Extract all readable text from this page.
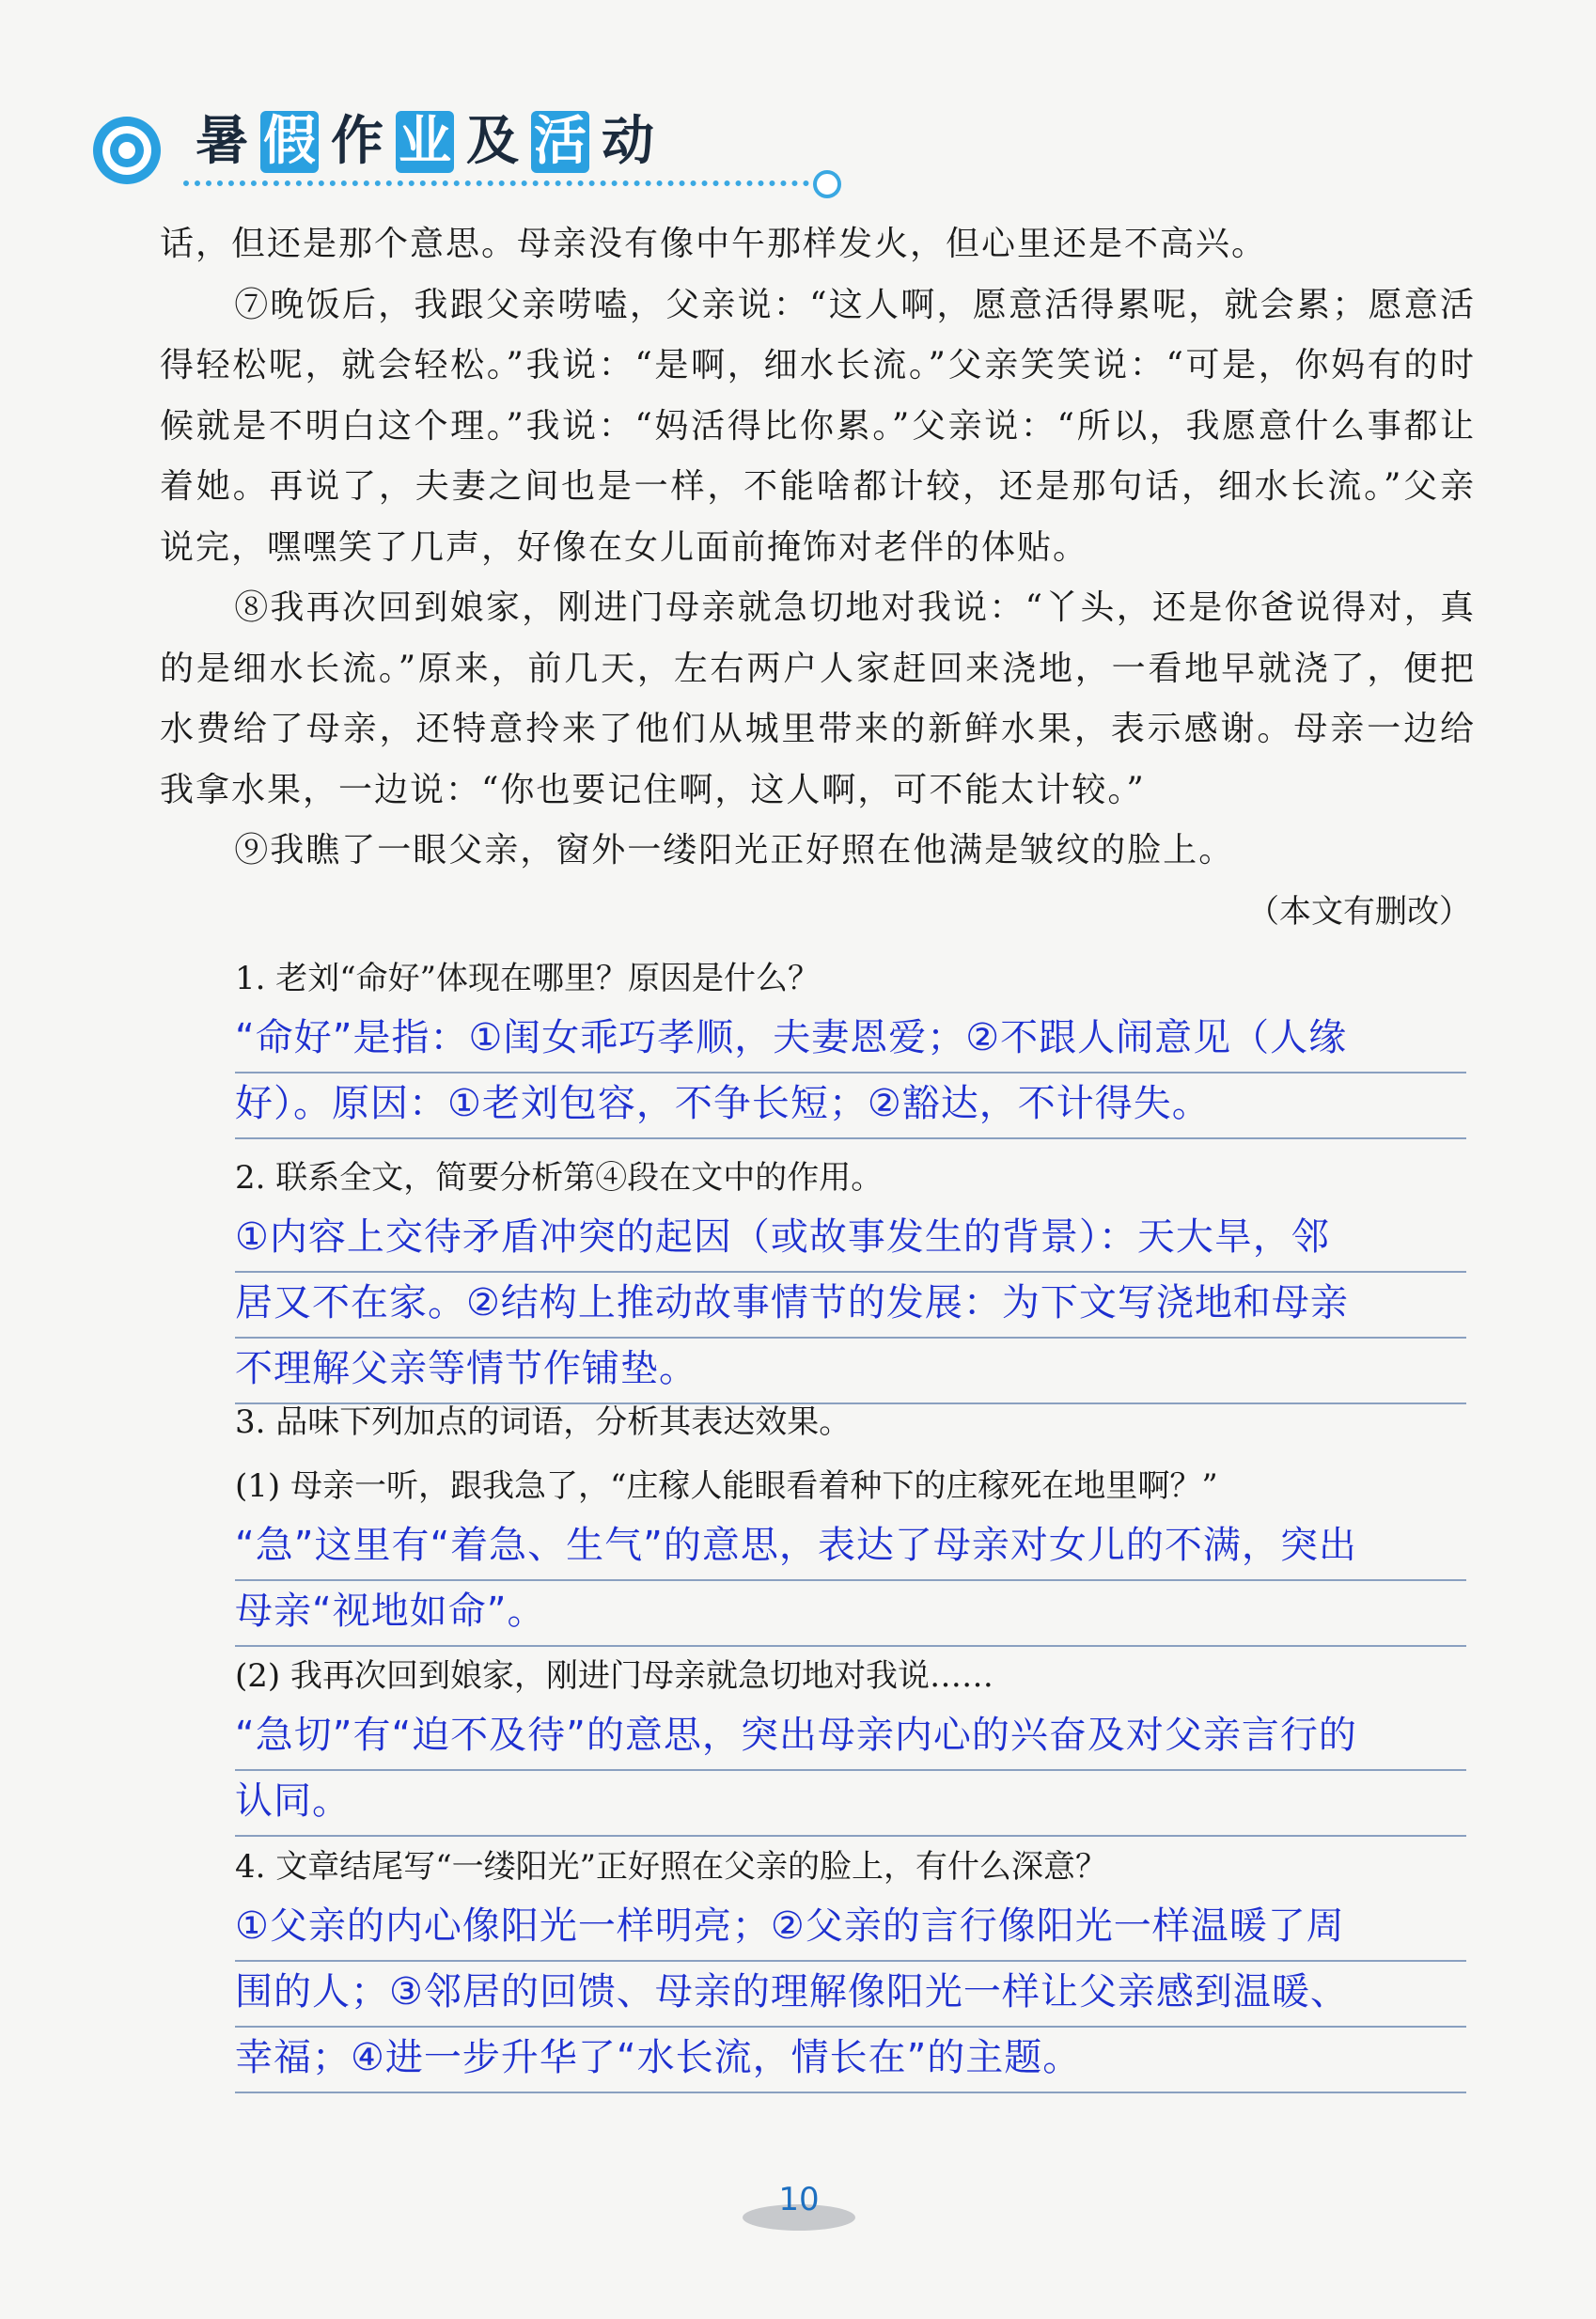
暑 假 作 业 及 活 动

话，但还是那个意思。母亲没有像中午那样发火，但心里还是不高兴。

⑦晚饭后，我跟父亲唠嗑，父亲说：“这人啊，愿意活得累呢，就会累；愿意活得轻松呢，就会轻松。”我说：“是啊，细水长流。”父亲笑笑说：“可是，你妈有的时候就是不明白这个理。”我说：“妈活得比你累。”父亲说：“所以，我愿意什么事都让着她。再说了，夫妻之间也是一样，不能啥都计较，还是那句话，细水长流。”父亲说完，嘿嘿笑了几声，好像在女儿面前掩饰对老伴的体贴。

⑧我再次回到娘家，刚进门母亲就急切地对我说：“丫头，还是你爸说得对，真的是细水长流。”原来，前几天，左右两户人家赶回来浇地，一看地早就浇了，便把水费给了母亲，还特意拎来了他们从城里带来的新鲜水果，表示感谢。母亲一边给我拿水果，一边说：“你也要记住啊，这人啊，可不能太计较。”

⑨我瞧了一眼父亲，窗外一缕阳光正好照在他满是皱纹的脸上。

（本文有删改）

1. 老刘“命好”体现在哪里？原因是什么？

“命好”是指：①闺女乖巧孝顺，夫妻恩爱；②不跟人闹意见（人缘
好）。原因：①老刘包容，不争长短；②豁达，不计得失。

2. 联系全文，简要分析第④段在文中的作用。

①内容上交待矛盾冲突的起因（或故事发生的背景）：天大旱，邻
居又不在家。②结构上推动故事情节的发展：为下文写浇地和母亲
不理解父亲等情节作铺垫。

3. 品味下列加点的词语，分析其表达效果。

(1) 母亲一听，跟我急了，“庄稼人能眼看着种下的庄稼死在地里啊？”

“急”这里有“着急、生气”的意思，表达了母亲对女儿的不满，突出
母亲“视地如命”。

(2) 我再次回到娘家，刚进门母亲就急切地对我说……

“急切”有“迫不及待”的意思，突出母亲内心的兴奋及对父亲言行的
认同。

4. 文章结尾写“一缕阳光”正好照在父亲的脸上，有什么深意？

①父亲的内心像阳光一样明亮；②父亲的言行像阳光一样温暖了周
围的人；③邻居的回馈、母亲的理解像阳光一样让父亲感到温暖、
幸福；④进一步升华了“水长流，情长在”的主题。
10
